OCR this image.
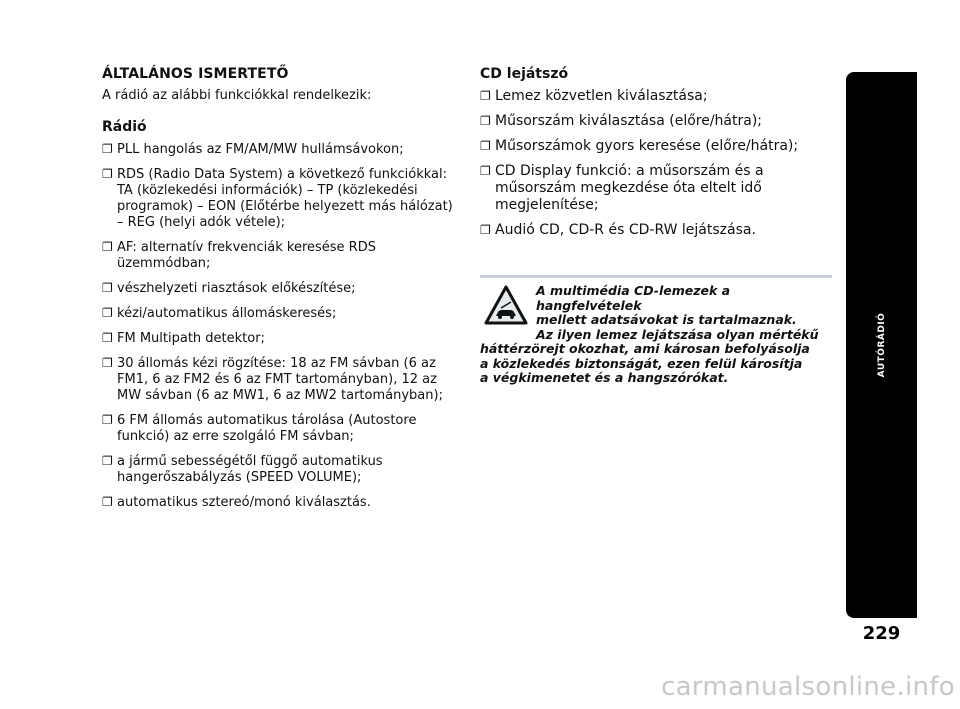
ÁLTALÁNOS ISMERTETŐ
A rádió az alábbi funkciókkal rendelkezik:
Rádió
❐ PLL hangolás az FM/AM/MW hullámsávokon;
❐ RDS (Radio Data System) a következő funkciókkal: TA (közlekedési információk) – TP (közlekedési programok) – EON (Előtérbe helyezett más hálózat) – REG (helyi adók vétele);
❐ AF: alternatív frekvenciák keresése RDS üzemmódban;
❐ vészhelyzeti riasztások előkészítése;
❐ kézi/automatikus állomáskeresés;
❐ FM Multipath detektor;
❐ 30 állomás kézi rögzítése: 18 az FM sávban (6 az FM1, 6 az FM2 és 6 az FMT tartományban), 12 az MW sávban (6 az MW1, 6 az MW2 tartományban);
❐ 6 FM állomás automatikus tárolása (Autostore funkció) az erre szolgáló FM sávban;
❐ a jármű sebességétől függő automatikus hangerőszabályzás (SPEED VOLUME);
❐ automatikus sztereó/monó kiválasztás.
CD lejátszó
❐ Lemez közvetlen kiválasztása;
❐ Műsorszám kiválasztása (előre/hátra);
❐ Műsorszámok gyors keresése (előre/hátra);
❐ CD Display funkció: a műsorszám és a műsorszám megkezdése óta eltelt idő megjelenítése;
❐ Audió CD, CD-R és CD-RW lejátszása.
A multimédia CD-lemezek a hangfelvételek
mellett adatsávokat is tartalmaznak.
Az ilyen lemez lejátszása olyan mértékű
háttérzörejt okozhat, ami károsan befolyásolja
a közlekedés biztonságát, ezen felül károsítja
a végkimenetet és a hangszórókat.
AUTÓRÁDIÓ
229
carmanualsonline.info
